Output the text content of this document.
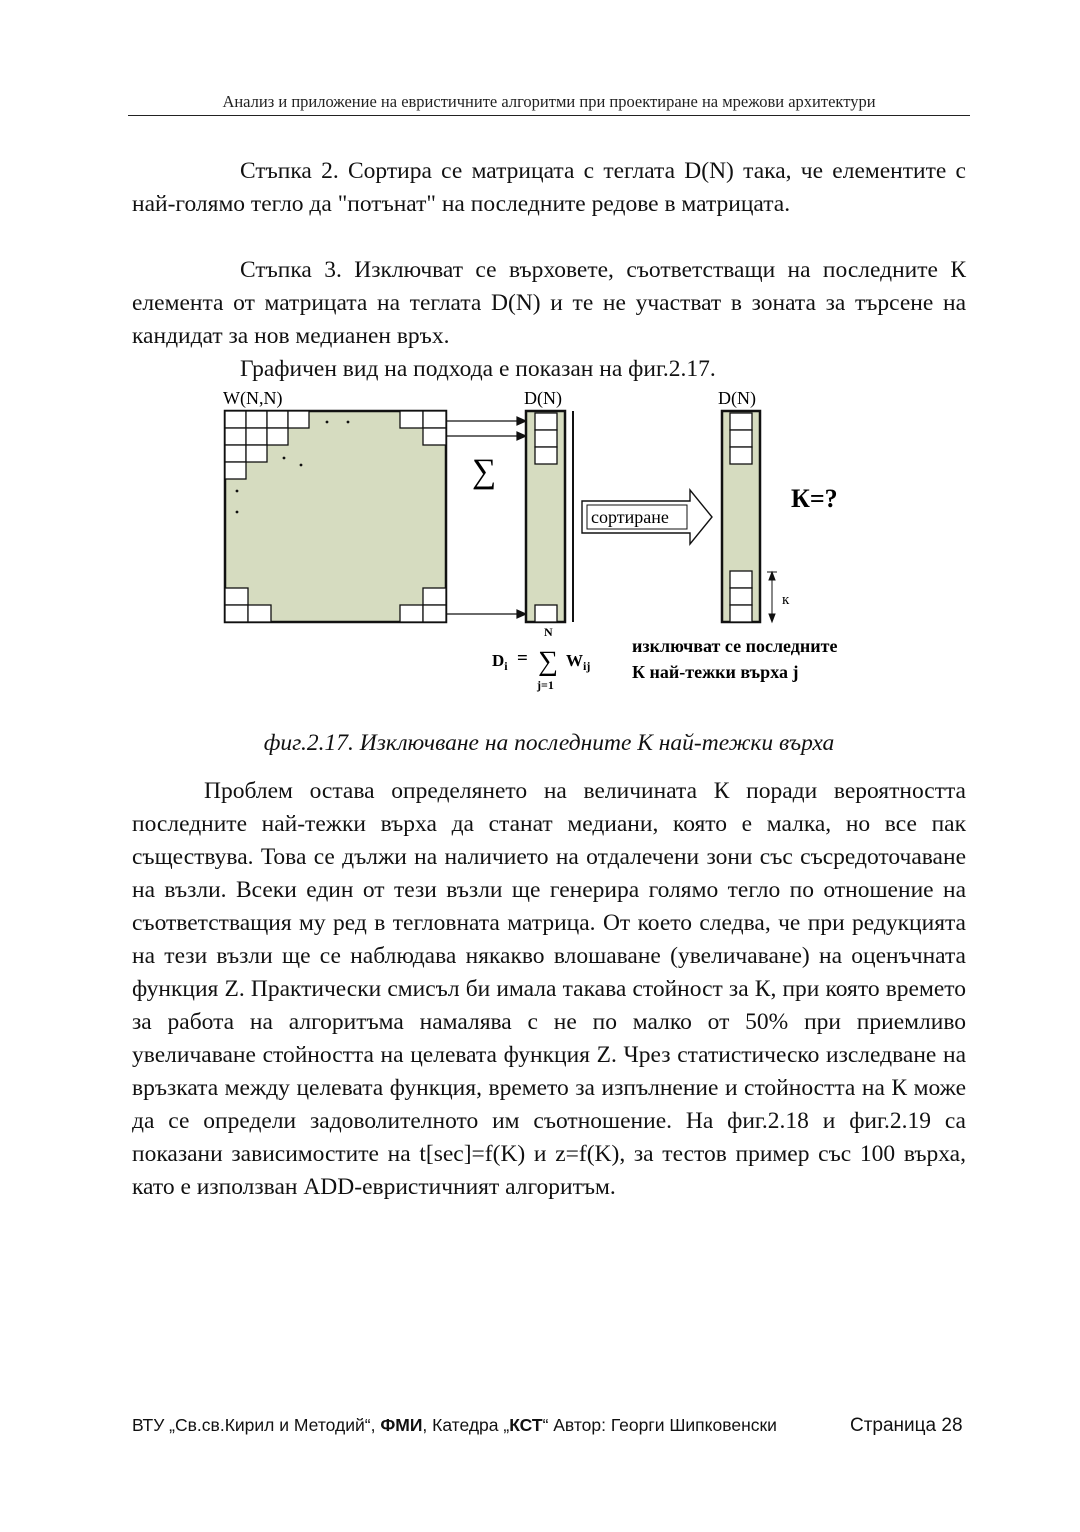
Анализ и приложение на евристичните алгоритми при проектиране на мрежови архитектури

Стъпка 2. Сортира се матрицата с теглата D(N) така, че елементите с най-голямо тегло да "потънат" на последните редове в матрицата.

Стъпка 3. Изключват се върховете, съответстващи на последните К елемента от матрицата на теглата D(N) и те не участват в зоната за търсене на кандидат за нов медианен връх.

Графичен вид на подхода е показан на фиг.2.17.

W(N,N)
∑
D(N)
сортиране
D(N)
к
К=?
$D_i$ =
N
∑
j=1
$W_{ij}$
изключват се последните
К най-тежки върха j
фиг.2.17. Изключване на последните К най-тежки върха

Проблем остава определянето на величината К поради вероятността последните най-тежки върха да станат медиани, която е малка, но все пак съществува. Това се дължи на наличието на отдалечени зони със съсредоточаване на възли. Всеки един от тези възли ще генерира голямо тегло по отношение на съответстващия му ред в тегловната матрица. От което следва, че при редукцията на тези възли ще се наблюдава някакво влошаване (увеличаване) на оценъчната функция Z. Практически смисъл би имала такава стойност за К, при която времето за работа на алгоритъма намалява с не по малко от 50% при приемливо увеличаване стойността на целевата функция Z. Чрез статистическо изследване на връзката между целевата функция, времето за изпълнение и стойността на К може да се определи задоволителното им съотношение. На фиг.2.18 и фиг.2.19 са показани зависимостите на t[sec]=f(K) и z=f(K), за тестов пример със 100 върха, като е използван ADD-евристичният алгоритъм.

ВТУ „Св.св.Кирил и Методий“, ФМИ, Катедра „КСТ“ Автор: Георги Шипковенски	Страница 28
